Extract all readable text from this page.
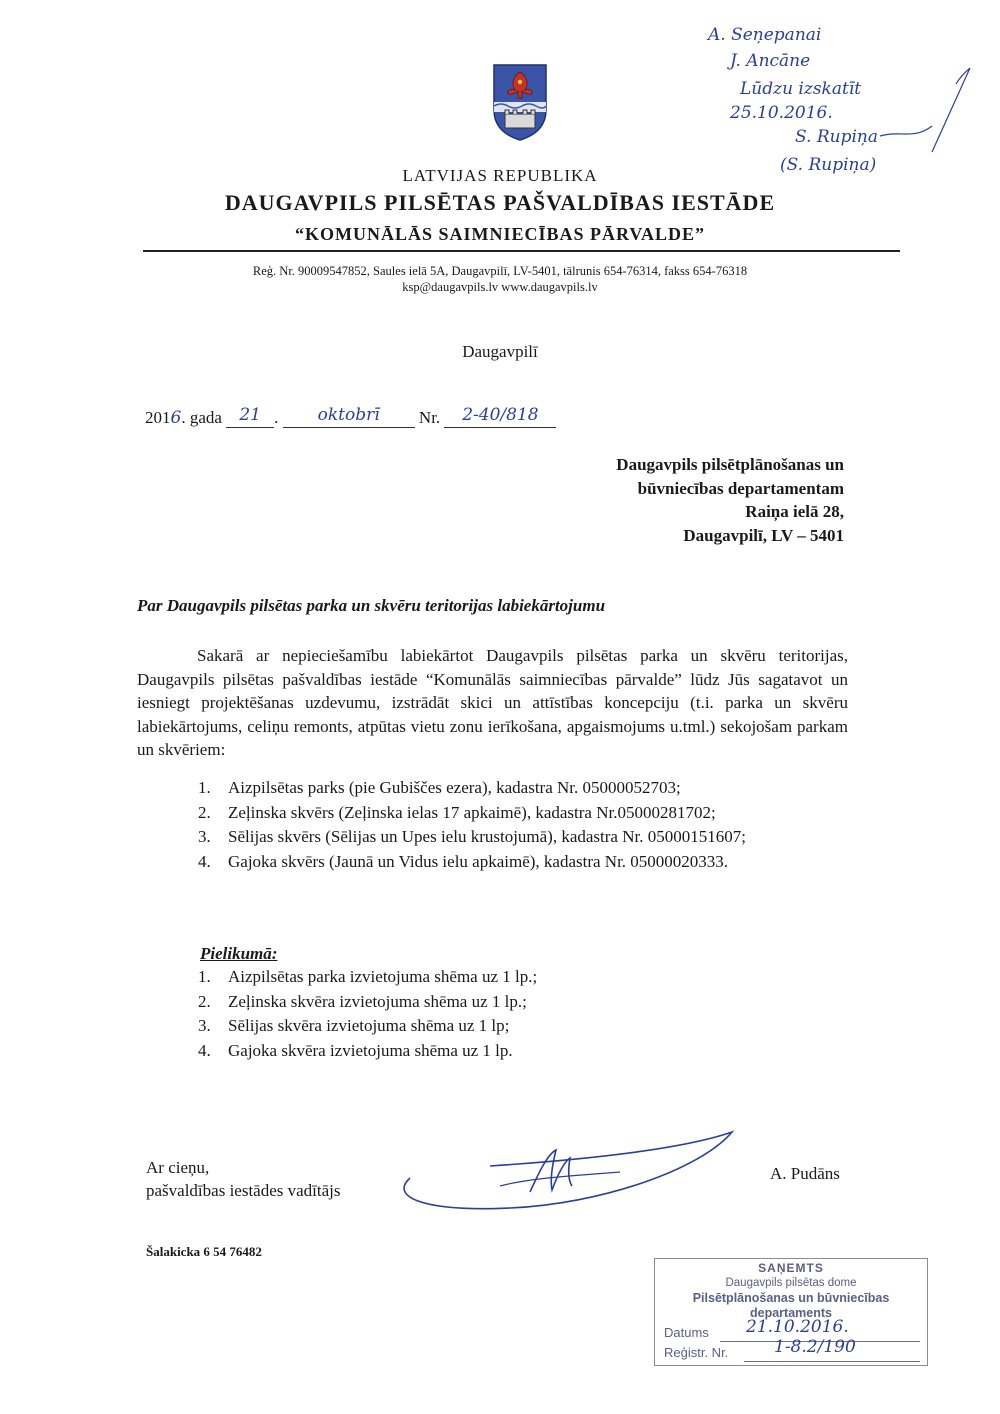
LATVIJAS REPUBLIKA
DAUGAVPILS PILSĒTAS PAŠVALDĪBAS IESTĀDE
“KOMUNĀLĀS SAIMNIECĪBAS PĀRVALDE”
Reģ. Nr. 90009547852, Saules ielā 5A, Daugavpilī, LV-5401, tālrunis 654-76314, fakss 654-76318
ksp@daugavpils.lv www.daugavpils.lv
A. Seņepanai
J. Ancāne
Lūdzu izskatīt
25.10.2016.
S. Rupiņa
(S. Rupiņa)
Daugavpilī
2016. gada 21 . oktobrī Nr. 2-40/818
Daugavpils pilsētplānošanas un
būvniecības departamentam
Raiņa ielā 28,
Daugavpilī, LV – 5401
Par Daugavpils pilsētas parka un skvēru teritorijas labiekārtojumu

Sakarā ar nepieciešamību labiekārtot Daugavpils pilsētas parka un skvēru teritorijas, Daugavpils pilsētas pašvaldības iestāde “Komunālās saimniecības pārvalde” lūdz Jūs sagatavot un iesniegt projektēšanas uzdevumu, izstrādāt skici un attīstības koncepciju (t.i. parka un skvēru labiekārtojums, celiņu remonts, atpūtas vietu zonu ierīkošana, apgaismojums u.tml.) sekojošam parkam un skvēriem:

1. Aizpilsētas parks (pie Gubiščes ezera), kadastra Nr. 05000052703;
2. Zeļinska skvērs (Zeļinska ielas 17 apkaimē), kadastra Nr.05000281702;
3. Sēlijas skvērs (Sēlijas un Upes ielu krustojumā), kadastra Nr. 05000151607;
4. Gajoka skvērs (Jaunā un Vidus ielu apkaimē), kadastra Nr. 05000020333.
Pielikumā:
1. Aizpilsētas parka izvietojuma shēma uz 1 lp.;
2. Zeļinska skvēra izvietojuma shēma uz 1 lp.;
3. Sēlijas skvēra izvietojuma shēma uz 1 lp;
4. Gajoka skvēra izvietojuma shēma uz 1 lp.
Ar cieņu,
pašvaldības iestādes vadītājs
A. Pudāns
Šalakicka 6 54 76482
SAŅEMTS
Daugavpils pilsētas dome
Pilsētplānošanas un būvniecības
departaments
Datums 21.10.2016.
Reģistr. Nr.	1-8.2/190
